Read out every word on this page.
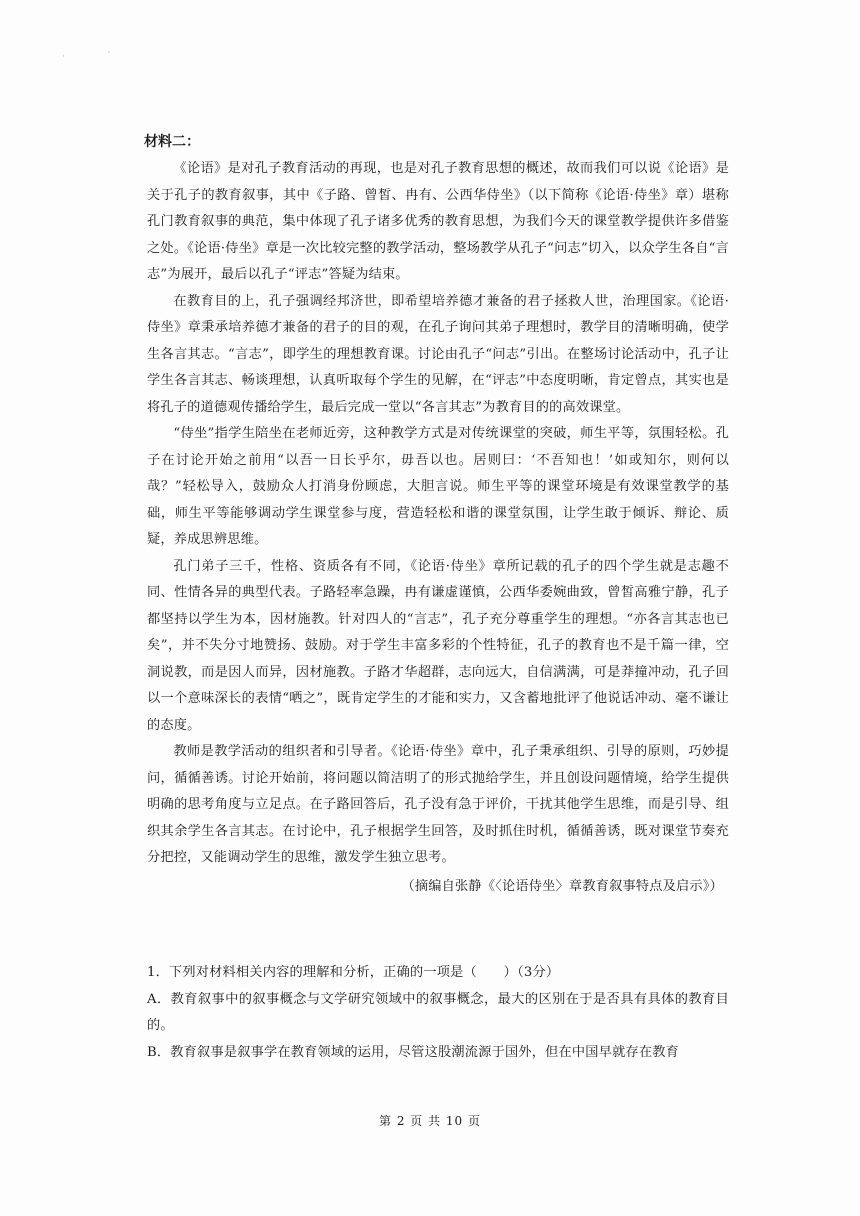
·	`
材料二：

《论语》是对孔子教育活动的再现，也是对孔子教育思想的概述，故而我们可以说《论语》是关于孔子的教育叙事，其中《子路、曾皙、冉有、公西华侍坐》（以下简称《论语·侍坐》章）堪称孔门教育叙事的典范，集中体现了孔子诸多优秀的教育思想，为我们今天的课堂教学提供许多借鉴之处。《论语·侍坐》章是一次比较完整的教学活动，整场教学从孔子“问志”切入，以众学生各自“言志”为展开，最后以孔子“评志”答疑为结束。

在教育目的上，孔子强调经邦济世，即希望培养德才兼备的君子拯救人世，治理国家。《论语·侍坐》章秉承培养德才兼备的君子的目的观，在孔子询问其弟子理想时，教学目的清晰明确，使学生各言其志。“言志”，即学生的理想教育课。讨论由孔子“问志”引出。在整场讨论活动中，孔子让学生各言其志、畅谈理想，认真听取每个学生的见解，在“评志”中态度明晰，肯定曾点，其实也是将孔子的道德观传播给学生，最后完成一堂以“各言其志”为教育目的的高效课堂。

“侍坐”指学生陪坐在老师近旁，这种教学方式是对传统课堂的突破，师生平等，氛围轻松。孔子在讨论开始之前用“以吾一日长乎尔，毋吾以也。居则曰：‘不吾知也！’如或知尔，则何以哉？”轻松导入，鼓励众人打消身份顾虑，大胆言说。师生平等的课堂环境是有效课堂教学的基础，师生平等能够调动学生课堂参与度，营造轻松和谐的课堂氛围，让学生敢于倾诉、辩论、质疑，养成思辨思维。

孔门弟子三千，性格、资质各有不同，《论语·侍坐》章所记载的孔子的四个学生就是志趣不同、性情各异的典型代表。子路轻率急躁，冉有谦虚谨慎，公西华委婉曲致，曾皙高雅宁静，孔子都坚持以学生为本，因材施教。针对四人的“言志”，孔子充分尊重学生的理想。“亦各言其志也已矣”，并不失分寸地赞扬、鼓励。对于学生丰富多彩的个性特征，孔子的教育也不是千篇一律，空洞说教，而是因人而异，因材施教。子路才华超群，志向远大，自信满满，可是莽撞冲动，孔子回以一个意味深长的表情“哂之”，既肯定学生的才能和实力，又含蓄地批评了他说话冲动、毫不谦让的态度。

教师是教学活动的组织者和引导者。《论语·侍坐》章中，孔子秉承组织、引导的原则，巧妙提问，循循善诱。讨论开始前，将问题以简洁明了的形式抛给学生，并且创设问题情境，给学生提供明确的思考角度与立足点。在子路回答后，孔子没有急于评价，干扰其他学生思维，而是引导、组织其余学生各言其志。在讨论中，孔子根据学生回答，及时抓住时机，循循善诱，既对课堂节奏充分把控，又能调动学生的思维，激发学生独立思考。

（摘编自张静《〈论语侍坐〉章教育叙事特点及启示》）

1．下列对材料相关内容的理解和分析，正确的一项是（　　）（3分）

A．教育叙事中的叙事概念与文学研究领域中的叙事概念，最大的区别在于是否具有具体的教育目的。

B．教育叙事是叙事学在教育领域的运用，尽管这股潮流源于国外，但在中国早就存在教育

第 2 页 共 10 页
